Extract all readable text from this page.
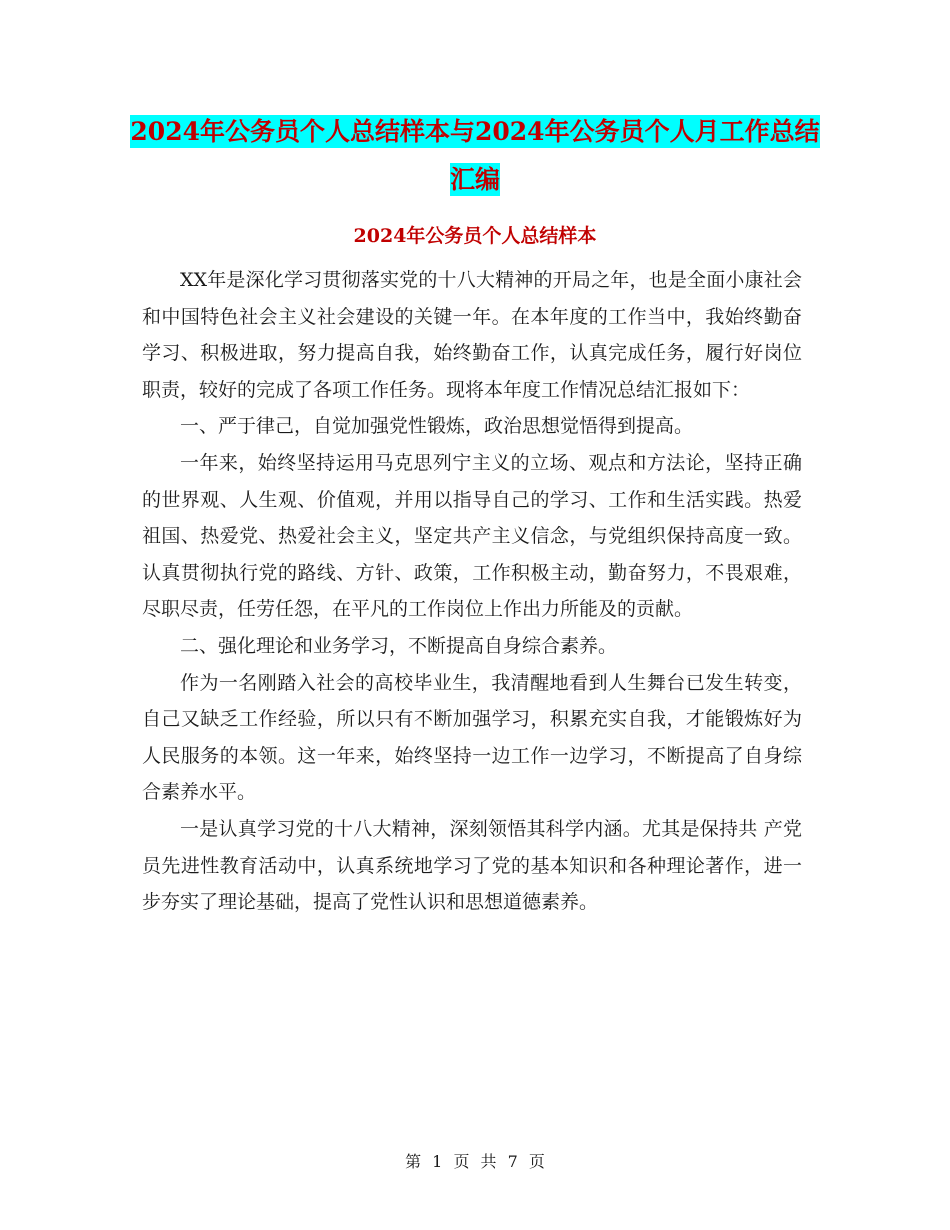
2024年公务员个人总结样本与2024年公务员个人月工作总结汇编
2024年公务员个人总结样本

XX年是深化学习贯彻落实党的十八大精神的开局之年，也是全面小康社会和中国特色社会主义社会建设的关键一年。在本年度的工作当中，我始终勤奋学习、积极进取，努力提高自我，始终勤奋工作，认真完成任务，履行好岗位职责，较好的完成了各项工作任务。现将本年度工作情况总结汇报如下：

一、严于律己，自觉加强党性锻炼，政治思想觉悟得到提高。

一年来，始终坚持运用马克思列宁主义的立场、观点和方法论，坚持正确的世界观、人生观、价值观，并用以指导自己的学习、工作和生活实践。热爱祖国、热爱党、热爱社会主义，坚定共产主义信念，与党组织保持高度一致。认真贯彻执行党的路线、方针、政策，工作积极主动，勤奋努力，不畏艰难，尽职尽责，任劳任怨，在平凡的工作岗位上作出力所能及的贡献。

二、强化理论和业务学习，不断提高自身综合素养。

作为一名刚踏入社会的高校毕业生，我清醒地看到人生舞台已发生转变，自己又缺乏工作经验，所以只有不断加强学习，积累充实自我，才能锻炼好为人民服务的本领。这一年来，始终坚持一边工作一边学习，不断提高了自身综合素养水平。

一是认真学习党的十八大精神，深刻领悟其科学内涵。尤其是保持共 产党员先进性教育活动中，认真系统地学习了党的基本知识和各种理论著作，进一步夯实了理论基础，提高了党性认识和思想道德素养。

第 1 页 共 7 页
